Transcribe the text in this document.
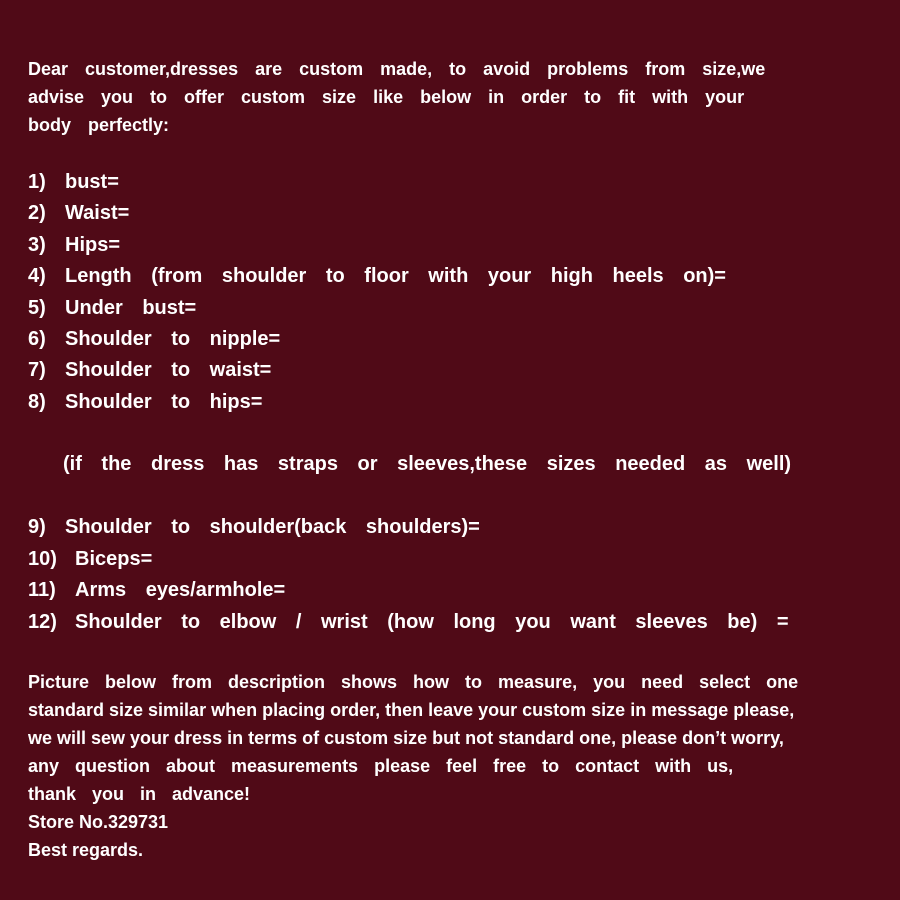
Dear customer,dresses are custom made, to avoid problems from size,we
advise you to offer custom size like below in order to fit with your
body perfectly:
1) bust=
2) Waist=
3) Hips=
4) Length (from shoulder to floor with your high heels on)=
5) Under bust=
6) Shoulder to nipple=
7) Shoulder to waist=
8) Shoulder to hips=
(if the dress has straps or sleeves,these sizes needed as well)
9) Shoulder to shoulder(back shoulders)=
10) Biceps=
11) Arms eyes/armhole=
12) Shoulder to elbow / wrist (how long you want sleeves be) =
Picture below from description shows how to measure, you need select one
standard size similar when placing order, then leave your custom size in message please,
we will sew your dress in terms of custom size but not standard one, please don’t worry,
any question about measurements please feel free to contact with us,
thank you in advance!
Store No.329731
Best regards.
